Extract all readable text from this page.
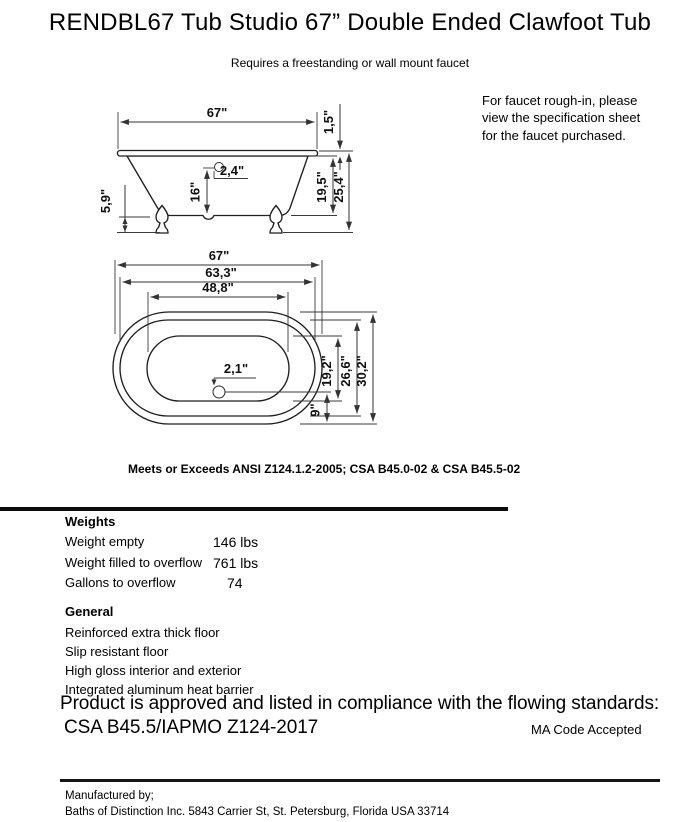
RENDBL67 Tub Studio 67” Double Ended Clawfoot Tub
Requires a freestanding or wall mount faucet
For faucet rough-in, please view the specification sheet for the faucet purchased.
67"
2,4"
16"
5,9"
1,5"
19,5" 25,4"
67"
63,3"
48,8"
2,1"	19,2" 26,6" 30,2"
9"
Meets or Exceeds ANSI Z124.1.2-2005; CSA B45.0-02 & CSA B45.5-02
Weights
Weight empty	146 lbs
Weight filled to overflow 761 lbs
Gallons to overflow	74
General
Reinforced extra thick floor
Slip resistant floor
High gloss interior and exterior
Integrated aluminum heat barrier
Product is approved and listed in compliance with the flowing standards:
CSA B45.5/IAPMO Z124-2017	MA Code Accepted
Manufactured by;
Baths of Distinction Inc. 5843 Carrier St, St. Petersburg, Florida USA 33714
